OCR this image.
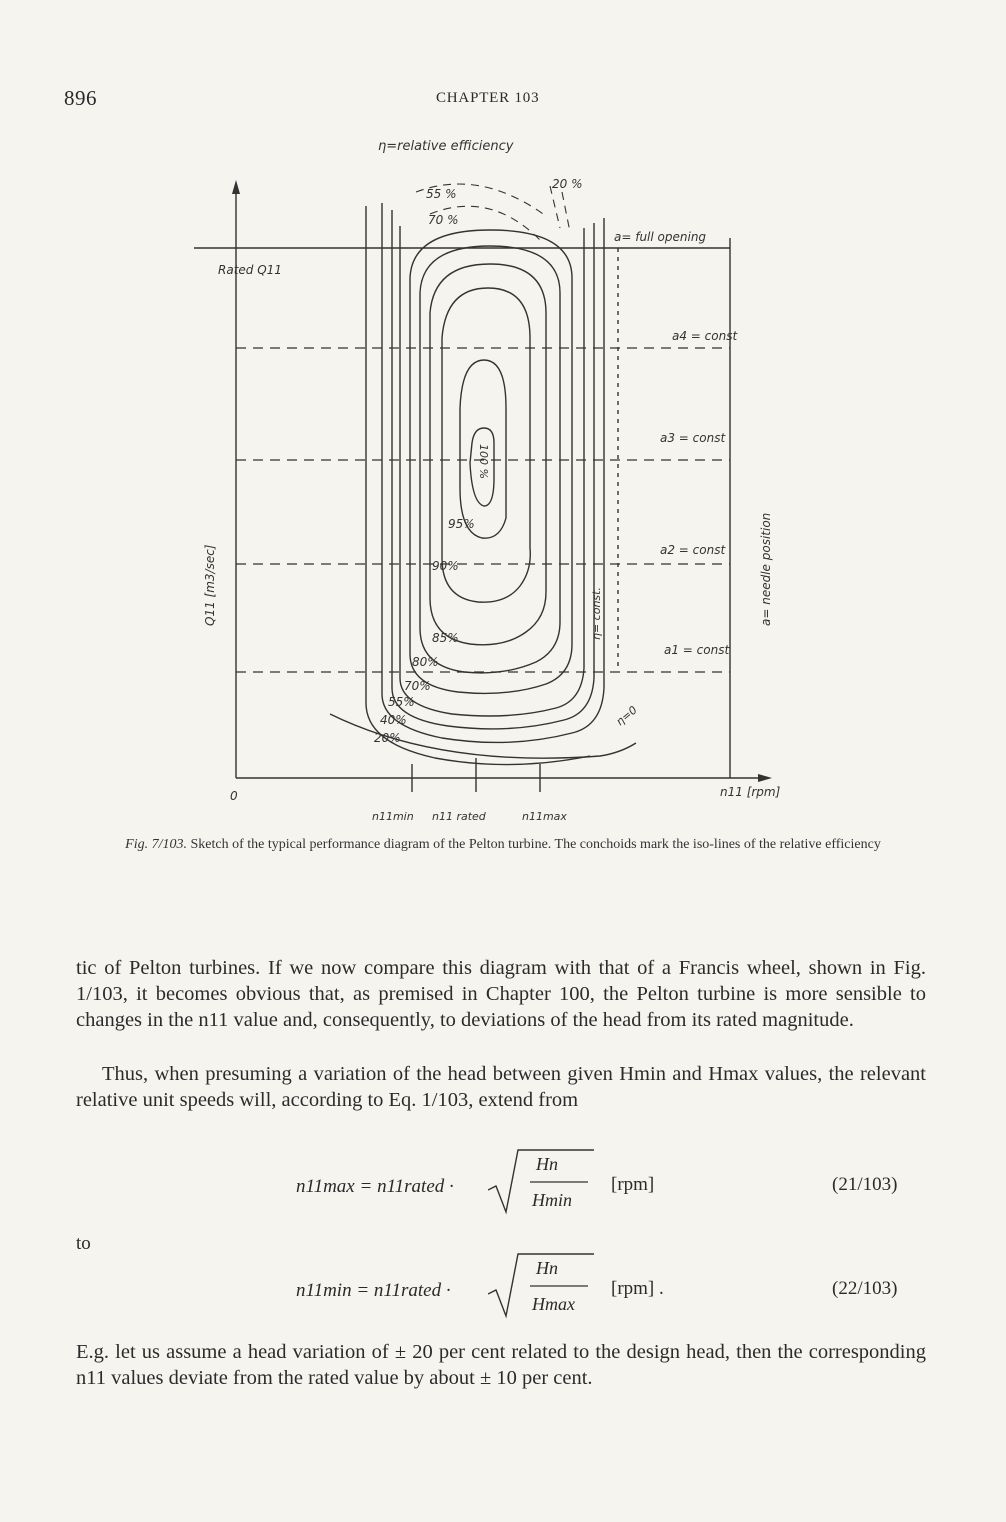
896	CHAPTER 103
η=relative efficiency
Rated Q11
0	n11 [rpm]
Q11 [m3/sec]	a= needle position
a= full opening
a4 = const
a3 = const
a2 = const
a1 = const
20 %
55 %
70 %
100 %
95%
90%
85%
80%
70%
55%
40%
20%
η= const.
η=0
n11min n11 rated	n11max
Fig. 7/103. Sketch of the typical performance diagram of the Pelton turbine. The conchoids mark the iso-lines of the relative efficiency

tic of Pelton turbines. If we now compare this diagram with that of a Francis wheel, shown in Fig. 1/103, it becomes obvious that, as premised in Chapter 100, the Pelton turbine is more sensible to changes in the n11 value and, consequently, to deviations of the head from its rated magnitude.

Thus, when presuming a variation of the head between given Hmin and Hmax values, the relevant relative unit speeds will, according to Eq. 1/103, extend from

n11max = n11rated ·
Hn
Hmin
[rpm]	(21/103)
to
n11min = n11rated ·
Hn
Hmax
[rpm] .	(22/103)

E.g. let us assume a head variation of ± 20 per cent related to the design head, then the corresponding n11 values deviate from the rated value by about ± 10 per cent.
